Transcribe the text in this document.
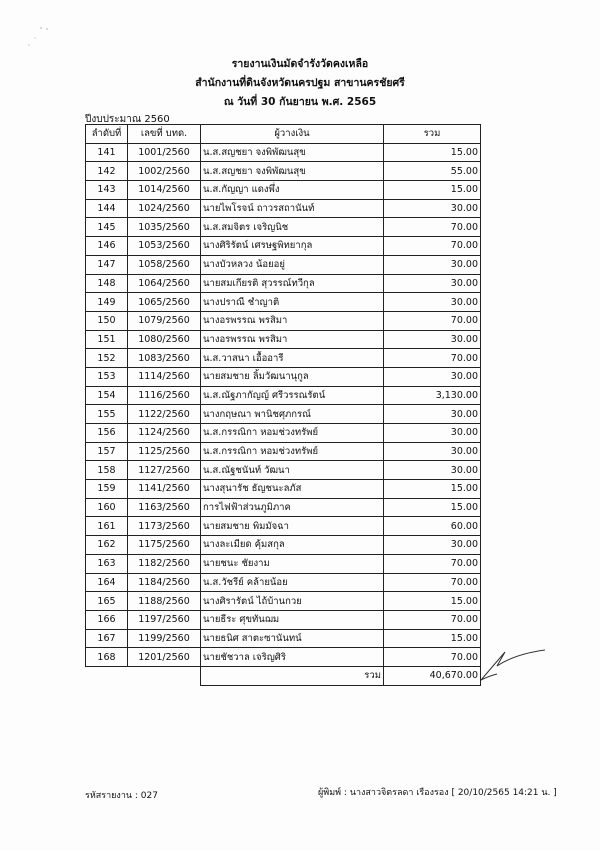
รายงานเงินมัดจำรังวัดคงเหลือ
สำนักงานที่ดินจังหวัดนครปฐม สาขานครชัยศรี
ณ วันที่ 30 กันยายน พ.ศ. 2565
ปีงบประมาณ 2560
ลำดับที่	เลขที่ บทด.	ผู้วางเงิน	รวม
141	1001/2560	น.ส.สญชยา จงพิพัฒนสุข	15.00
142	1002/2560	น.ส.สญชยา จงพิพัฒนสุข	55.00
143	1014/2560	น.ส.กัญญา แดงพึ่ง	15.00
144	1024/2560	นายไพโรจน์ ถาวรสถานันท์	30.00
145	1035/2560	น.ส.สมจิตร เจริญนิช	70.00
146	1053/2560	นางศิริรัตน์ เศรษฐพิทยากุล	70.00
147	1058/2560	นางบัวหลวง น้อยอยู่	30.00
148	1064/2560	นายสมเกียรติ สุวรรณ์ทวีกุล	30.00
149	1065/2560	นางปราณี ชำญาติ	30.00
150	1079/2560	นางอรพรรณ พรสิมา	70.00
151	1080/2560	นางอรพรรณ พรสิมา	30.00
152	1083/2560	น.ส.วาสนา เอื้ออารี	70.00
153	1114/2560	นายสมชาย ลิ้มวัฒนานุกูล	30.00
154	1116/2560	น.ส.ณัฐภากัญญ์ ศรีวรรณรัตน์	3,130.00
155	1122/2560	นางกฤษณา พานิชศุภกรณ์	30.00
156	1124/2560	น.ส.กรรณิกา หอมช่วงทรัพย์	30.00
157	1125/2560	น.ส.กรรณิกา หอมช่วงทรัพย์	30.00
158	1127/2560	น.ส.ณัฐชนันท์ วัฒนา	30.00
159	1141/2560	นางสุนารัช ธัญชนะลภัส	15.00
160	1163/2560	การไฟฟ้าส่วนภูมิภาค	15.00
161	1173/2560	นายสมชาย พิมมัจฉา	60.00
162	1175/2560	นางละเมียด คุ้มสกุล	30.00
163	1182/2560	นายชนะ ชัยงาม	70.00
164	1184/2560	น.ส.วัชรีย์ คล้ายน้อย	70.00
165	1188/2560	นางศิรารัตน์ ไถ้บ้านกวย	15.00
166	1197/2560	นายธีระ ศุขทันฌม	70.00
167	1199/2560	นายธนิศ สาตะซานันทน์	15.00
168	1201/2560	นายชัชวาล เจริญศิริ	70.00
		รวม	40,670.00
รหัสรายงาน : 027	ผู้พิมพ์ : นางสาวจิตรลดา เรืองรอง [ 20/10/2565 14:21 น. ]
